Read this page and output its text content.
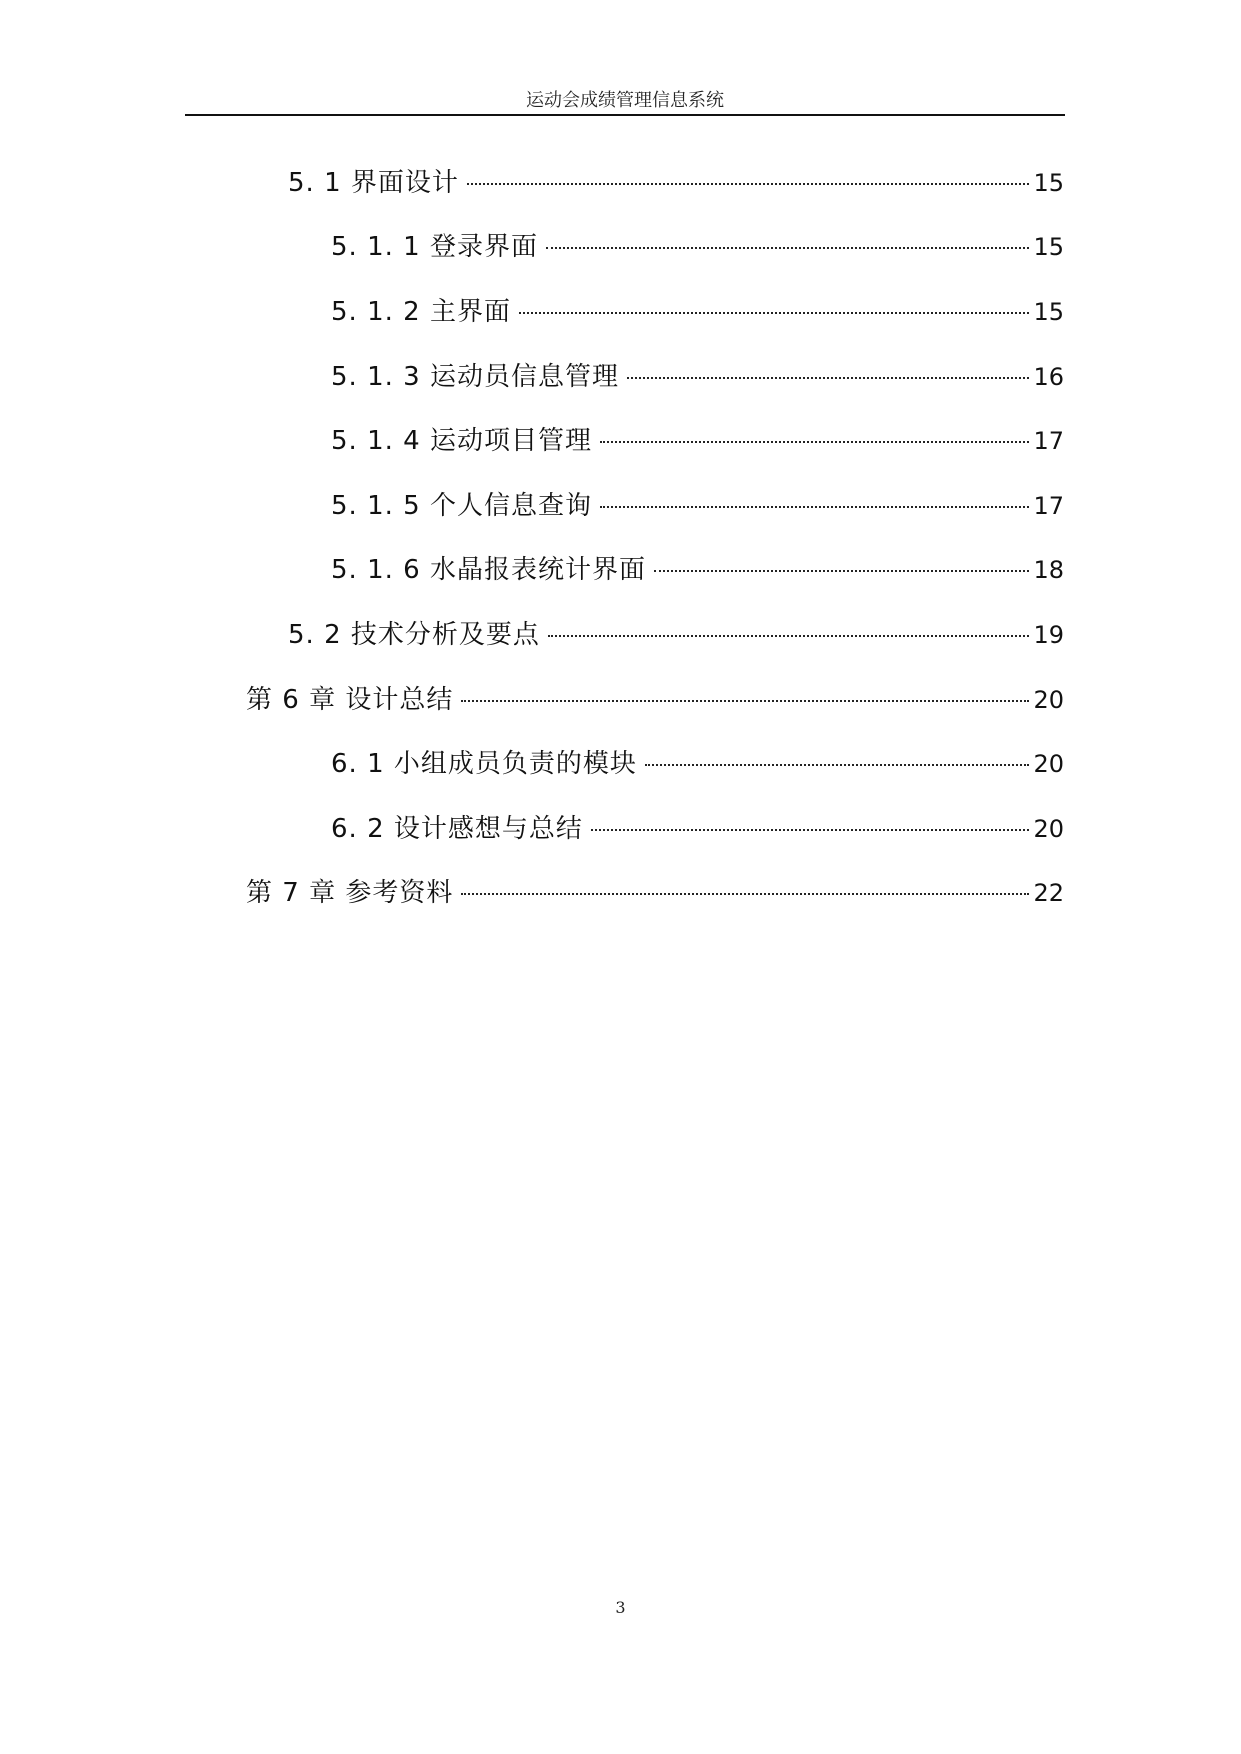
运动会成绩管理信息系统
5. 1 界面设计	15
5. 1. 1 登录界面	15
5. 1. 2 主界面	15
5. 1. 3 运动员信息管理	16
5. 1. 4 运动项目管理	17
5. 1. 5 个人信息查询	17
5. 1. 6 水晶报表统计界面	18
5. 2 技术分析及要点	19
第 6 章 设计总结	20
6. 1 小组成员负责的模块	20
6. 2 设计感想与总结	20
第 7 章 参考资料	22
3
